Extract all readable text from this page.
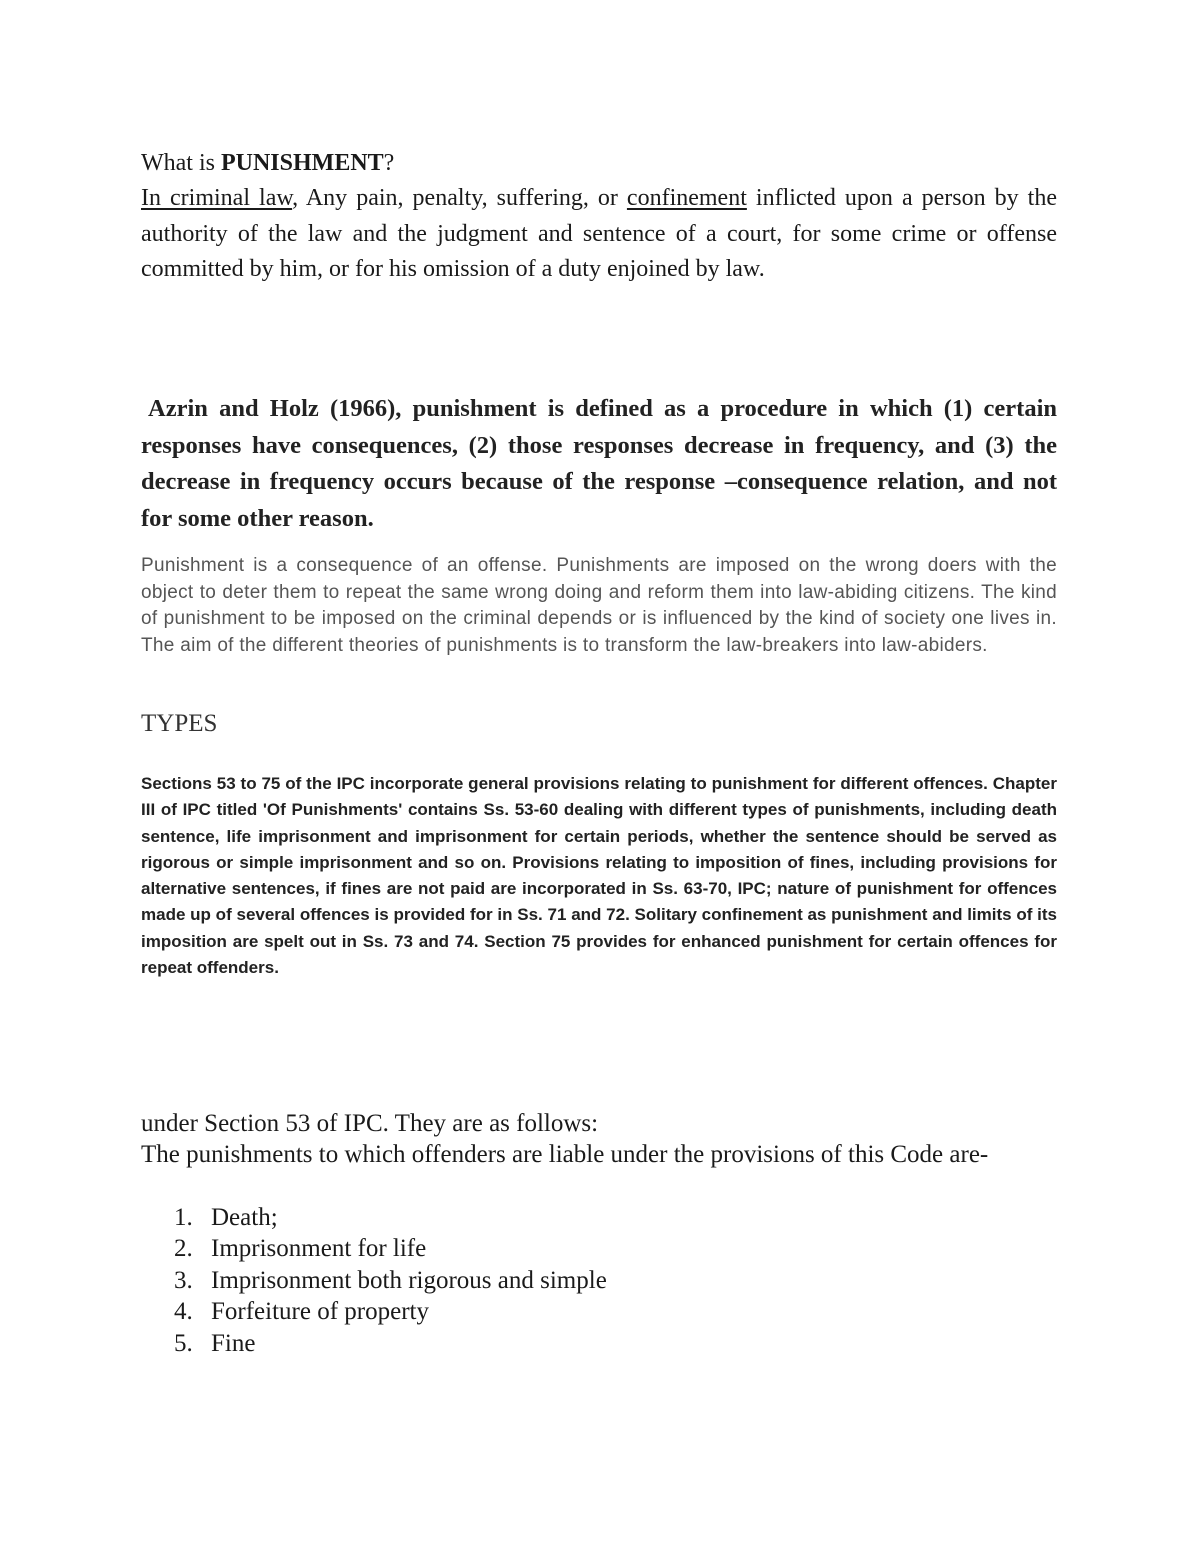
What is PUNISHMENT?
In criminal law, Any pain, penalty, suffering, or confinement inflicted upon a person by the authority of the law and the judgment and sentence of a court, for some crime or offense committed by him, or for his omission of a duty enjoined by law.
Azrin and Holz (1966), punishment is defined as a procedure in which (1) certain responses have consequences, (2) those responses decrease in frequency, and (3) the decrease in frequency occurs because of the response –consequence relation, and not for some other reason.
Punishment is a consequence of an offense. Punishments are imposed on the wrong doers with the object to deter them to repeat the same wrong doing and reform them into law-abiding citizens. The kind of punishment to be imposed on the criminal depends or is influenced by the kind of society one lives in. The aim of the different theories of punishments is to transform the law-breakers into law-abiders.
TYPES
Sections 53 to 75 of the IPC incorporate general provisions relating to punishment for different offences. Chapter III of IPC titled 'Of Punishments' contains Ss. 53-60 dealing with different types of punishments, including death sentence, life imprisonment and imprisonment for certain periods, whether the sentence should be served as rigorous or simple imprisonment and so on. Provisions relating to imposition of fines, including provisions for alternative sentences, if fines are not paid are incorporated in Ss. 63-70, IPC; nature of punishment for offences made up of several offences is provided for in Ss. 71 and 72. Solitary confinement as punishment and limits of its imposition are spelt out in Ss. 73 and 74. Section 75 provides for enhanced punishment for certain offences for repeat offenders.
under Section 53 of IPC. They are as follows:
The punishments to which offenders are liable under the provisions of this Code are-
1. Death;
2. Imprisonment for life
3. Imprisonment both rigorous and simple
4. Forfeiture of property
5. Fine
